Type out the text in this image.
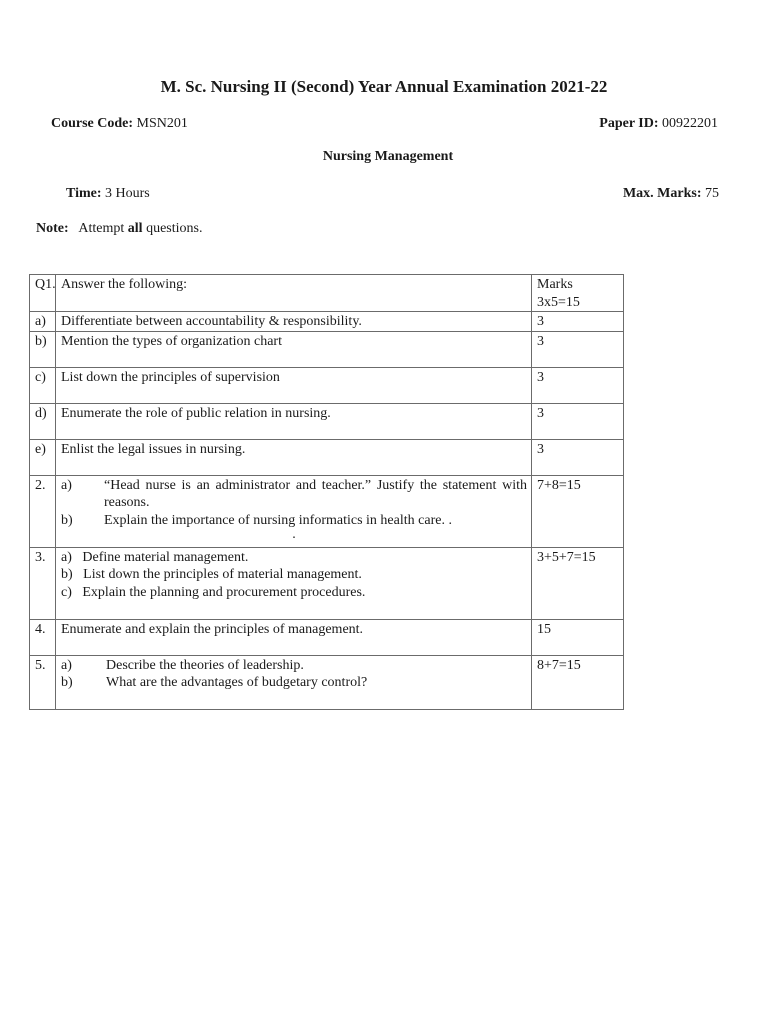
M. Sc. Nursing II (Second) Year Annual Examination 2021-22
Course Code: MSN201	Paper ID: 00922201
Nursing Management
Time: 3 Hours	Max. Marks: 75
Note: Attempt all questions.
Q1.	Answer the following:	Marks
3x5=15

a)	Differentiate between accountability & responsibility.	3
b)	Mention the types of organization chart	3
c)	List down the principles of supervision	3
d)	Enumerate the role of public relation in nursing.	3
e)	Enlist the legal issues in nursing.	3
2.	a) “Head nurse is an administrator and teacher.” Justify the statement with reasons.
b) Explain the importance of nursing informatics in health care. .
.	7+8=15
3.	a)   Define material management.
b)   List down the principles of material management.
c)   Explain the planning and procurement procedures.	3+5+7=15
4.	Enumerate and explain the principles of management.	15
5.	a) Describe the theories of leadership.
b) What are the advantages of budgetary control?	8+7=15
